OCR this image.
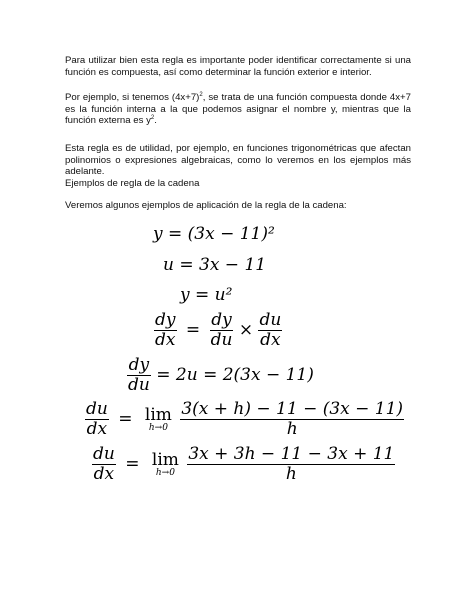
Para utilizar bien esta regla es importante poder identificar correctamente si una función es compuesta, así como determinar la función exterior e interior.

Por ejemplo, si tenemos $(4x+7)^2$, se trata de una función compuesta donde 4x+7 es la función interna a la que podemos asignar el nombre y, mientras que la función externa es $y^2$.

Esta regla es de utilidad, por ejemplo, en funciones trigonométricas que afectan polinomios o expresiones algebraicas, como lo veremos en los ejemplos más adelante.

Ejemplos de regla de la cadena

Veremos algunos ejemplos de aplicación de la regla de la cadena:

y = (3x − 11)²
u = 3x − 11
y = u²
$\frac{dy}{dx} = \frac{dy}{du} \times \frac{du}{dx}$
$\frac{dy}{du} = 2u = 2(3x - 11)$
$\frac{du}{dx} = \lim$
h→0
$\frac{3(x + h) - 11 - (3x - 11)}{h}$
$\frac{du}{dx} = \lim$
h→0
$\frac{3x + 3h - 11 - 3x + 11}{h}$
